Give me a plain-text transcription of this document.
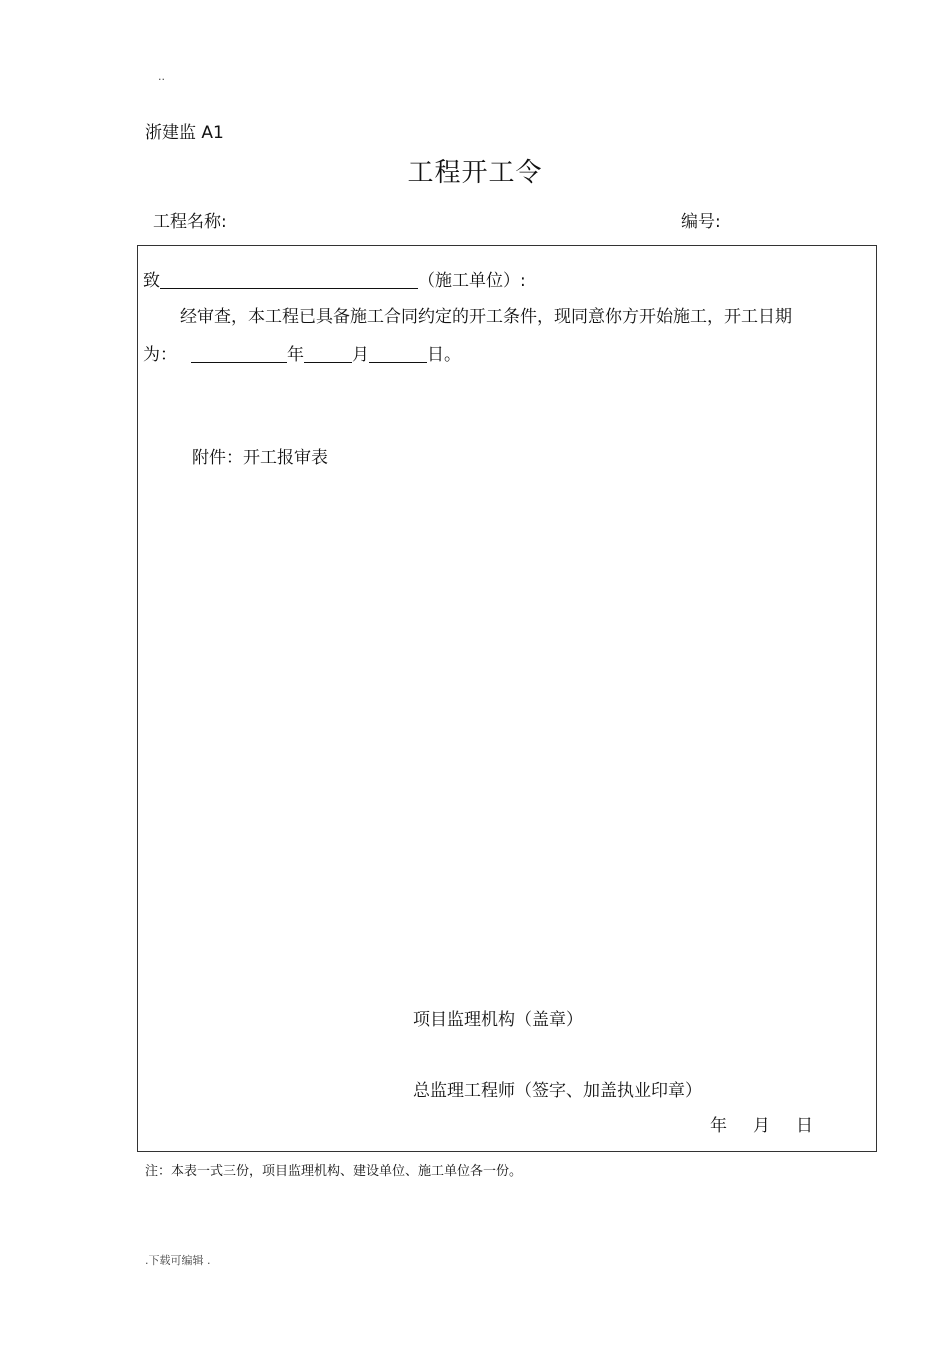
..
浙建监 A1
工程开工令
工程名称:	编号:
致	（施工单位）:
经审查，本工程已具备施工合同约定的开工条件，现同意你方开始施工，开工日期
为：	年	月	日。
附件：开工报审表
项目监理机构（盖章）
总监理工程师（签字、加盖执业印章）
年 月 日
注：本表一式三份，项目监理机构、建设单位、施工单位各一份。
.下载可编辑 .
